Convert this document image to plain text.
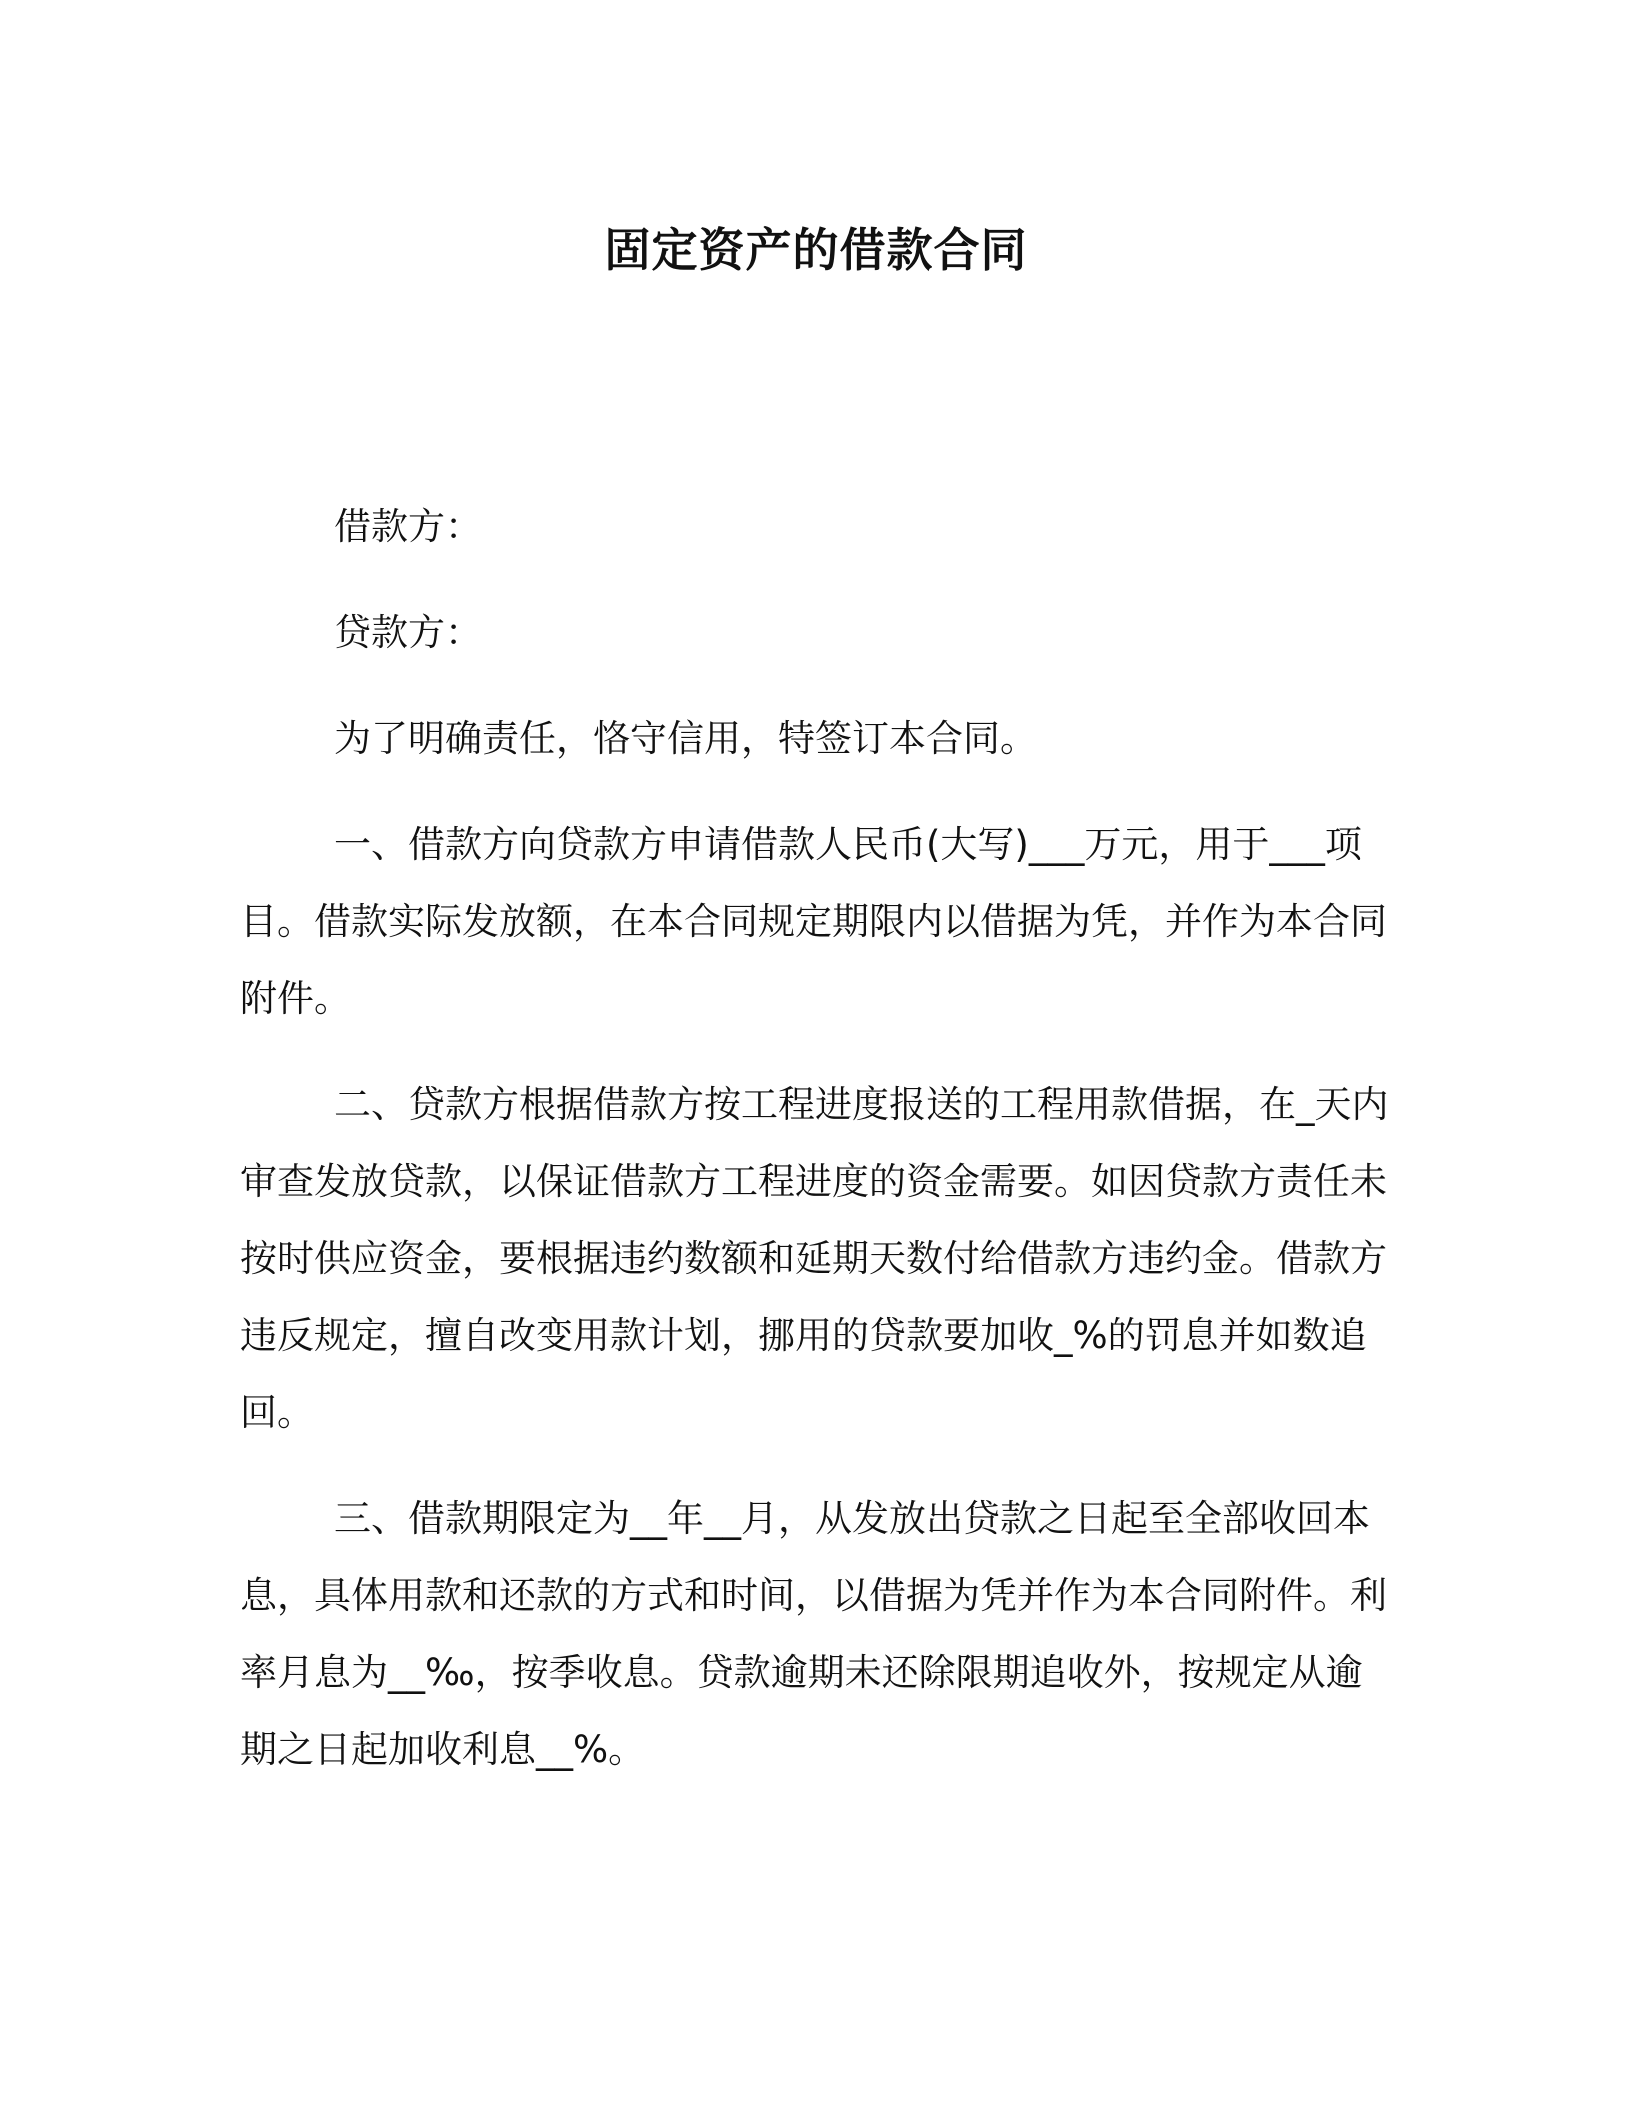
固定资产的借款合同

借款方：

贷款方：

为了明确责任，恪守信用，特签订本合同。

一、借款方向贷款方申请借款人民币(大写)___万元，用于___项目。借款实际发放额，在本合同规定期限内以借据为凭，并作为本合同附件。

二、贷款方根据借款方按工程进度报送的工程用款借据，在_天内审查发放贷款，以保证借款方工程进度的资金需要。如因贷款方责任未按时供应资金，要根据违约数额和延期天数付给借款方违约金。借款方违反规定，擅自改变用款计划，挪用的贷款要加收_%的罚息并如数追回。

三、借款期限定为__年__月，从发放出贷款之日起至全部收回本息，具体用款和还款的方式和时间，以借据为凭并作为本合同附件。利率月息为__‰，按季收息。贷款逾期未还除限期追收外，按规定从逾期之日起加收利息__%。
